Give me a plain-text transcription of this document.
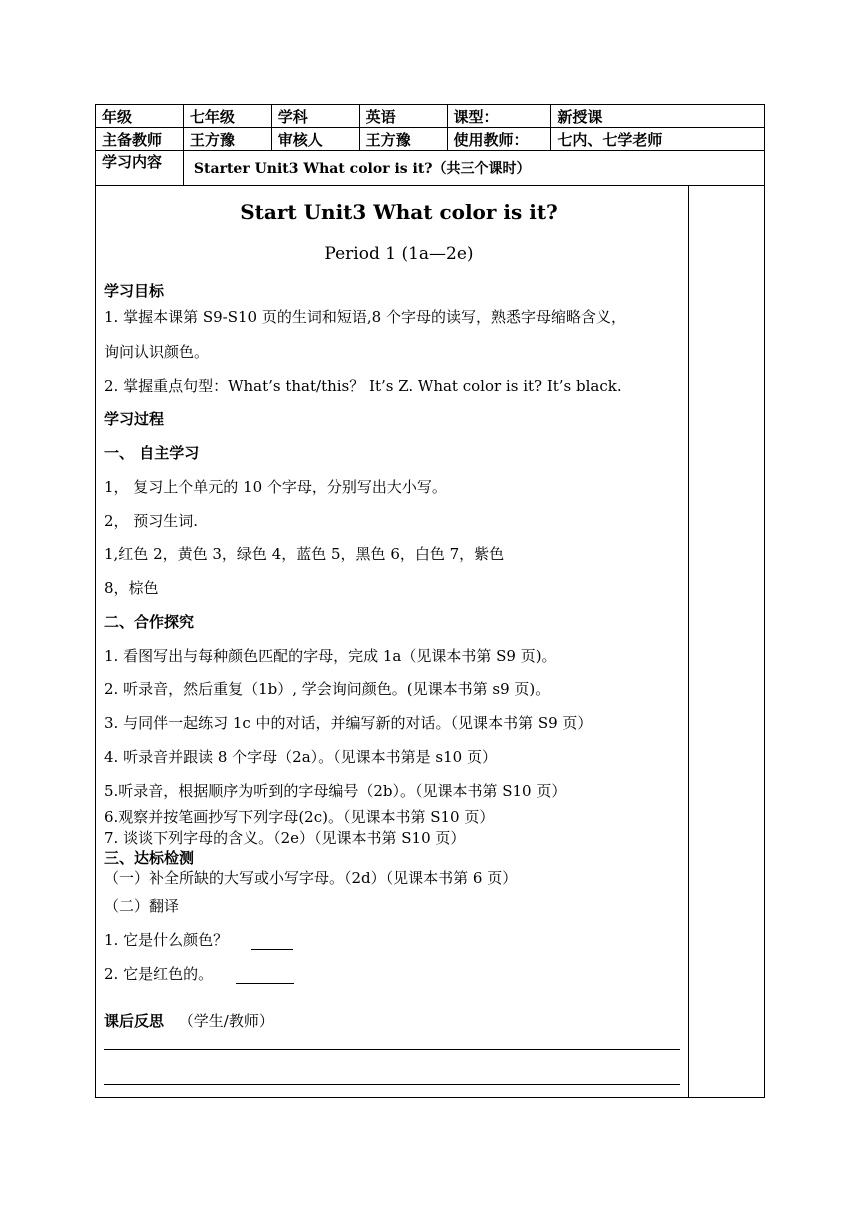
年级	七年级	学科	英语	课型：	新授课
主备教师	王方豫	审核人	王方豫	使用教师：	七内、七学老师
学习内容	Starter Unit3 What color is it?（共三个课时）				
Start Unit3 What color is it?
Period 1 (1a—2e)
学习目标
1. 掌握本课第 S9-S10 页的生词和短语,8 个字母的读写，熟悉字母缩略含义，
询问认识颜色。
2. 掌握重点句型：What’s that/this？ It’s Z. What color is it? It’s black.
学习过程
一、 自主学习
1， 复习上个单元的 10 个字母，分别写出大小写。
2， 预习生词.
1,红色 2，黄色 3，绿色 4，蓝色 5，黑色 6，白色 7，紫色
8，棕色
二、合作探究
1. 看图写出与每种颜色匹配的字母，完成 1a（见课本书第 S9 页)。
2. 听录音，然后重复（1b）, 学会询问颜色。(见课本书第 s9 页)。
3. 与同伴一起练习 1c 中的对话，并编写新的对话。（见课本书第 S9 页）
4. 听录音并跟读 8 个字母（2a）。（见课本书第是 s10 页）
5.听录音，根据顺序为听到的字母编号（2b）。（见课本书第 S10 页）
6.观察并按笔画抄写下列字母(2c)。（见课本书第 S10 页）
7. 谈谈下列字母的含义。（2e）（见课本书第 S10 页）
三、达标检测
（一）补全所缺的大写或小写字母。（2d）（见课本书第 6 页）
（二）翻译
1. 它是什么颜色？
2. 它是红色的。
课后反思 （学生/教师）
